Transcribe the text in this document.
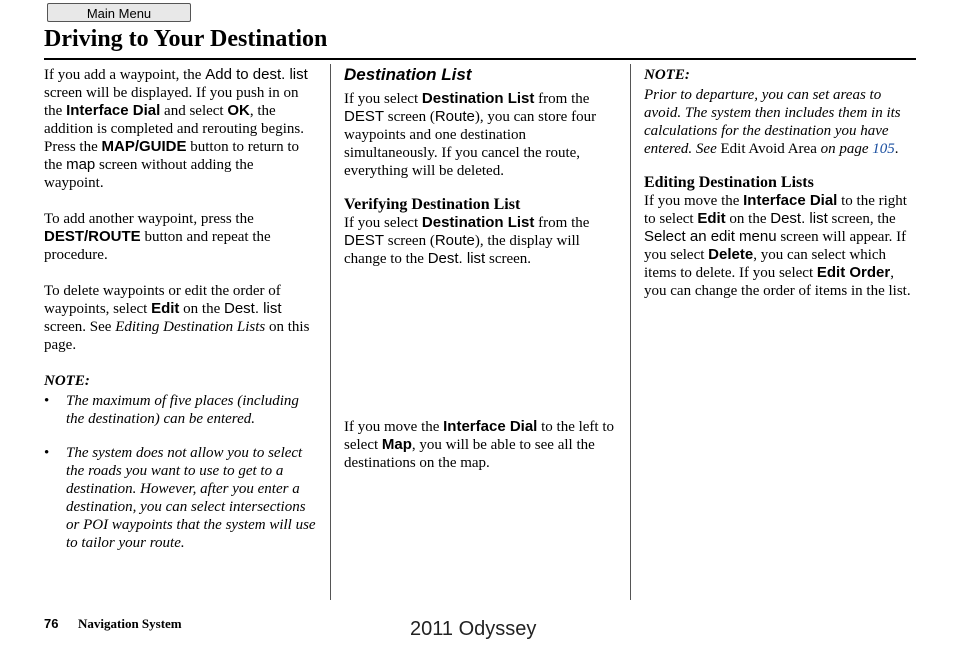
Main Menu
Driving to Your Destination

If you add a waypoint, the Add to dest. list screen will be displayed. If you push in on the Interface Dial and select OK, the addition is completed and rerouting begins. Press the MAP/GUIDE button to return to the map screen without adding the waypoint.

To add another waypoint, press the DEST/ROUTE button and repeat the procedure.

To delete waypoints or edit the order of waypoints, select Edit on the Dest. list screen. See Editing Destination Lists on this page.

NOTE:
• The maximum of five places (including the destination) can be entered.
• The system does not allow you to select the roads you want to use to get to a destination. However, after you enter a destination, you can select intersections or POI waypoints that the system will use to tailor your route.
Destination List

If you select Destination List from the DEST screen (Route), you can store four waypoints and one destination simultaneously. If you cancel the route, everything will be deleted.

Verifying Destination List

If you select Destination List from the DEST screen (Route), the display will change to the Dest. list screen.

If you move the Interface Dial to the left to select Map, you will be able to see all the destinations on the map.

NOTE:

Prior to departure, you can set areas to avoid. The system then includes them in its calculations for the destination you have entered. See Edit Avoid Area on page 105.

Editing Destination Lists

If you move the Interface Dial to the right to select Edit on the Dest. list screen, the Select an edit menu screen will appear. If you select Delete, you can select which items to delete. If you select Edit Order, you can change the order of items in the list.

76 Navigation System	2011 Odyssey
